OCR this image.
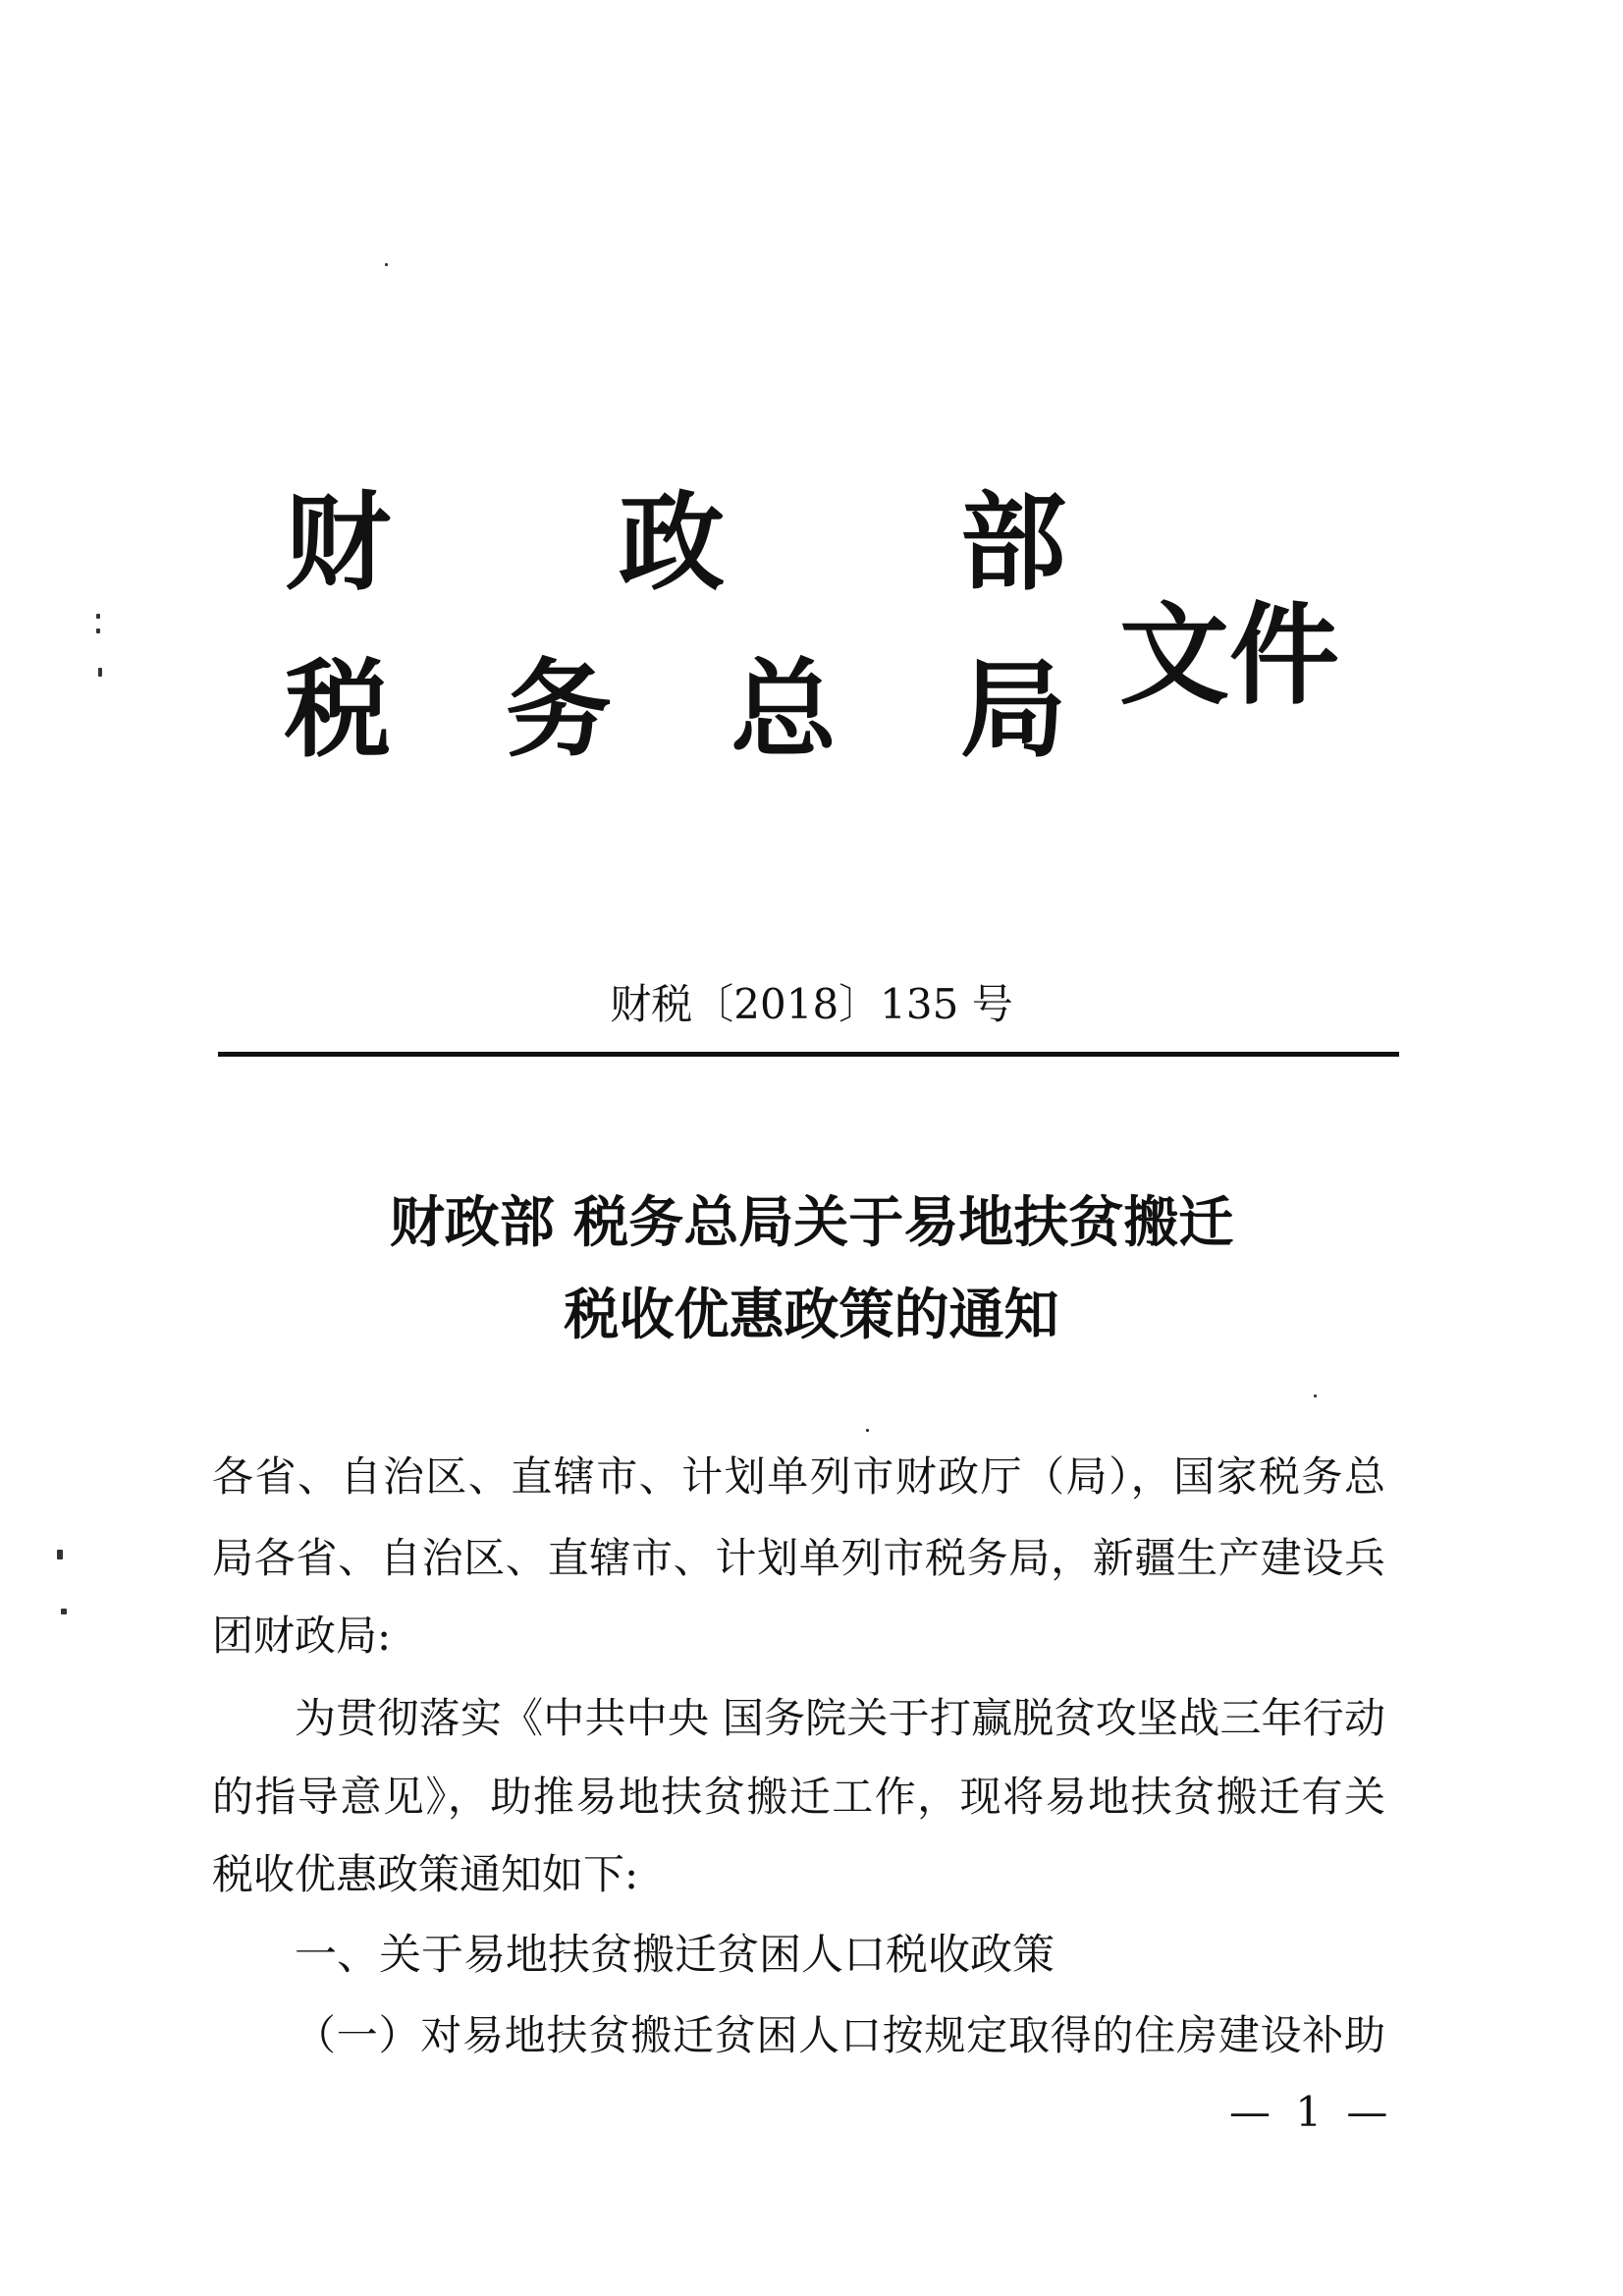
财 政 部
税 务 总 局 文件
财税〔2018〕135 号
财政部 税务总局关于易地扶贫搬迁
税收优惠政策的通知
各省、自治区、直辖市、计划单列市财政厅（局），国家税务总
局各省、自治区、直辖市、计划单列市税务局，新疆生产建设兵
团财政局:
为贯彻落实《中共中央 国务院关于打赢脱贫攻坚战三年行动
的指导意见》，助推易地扶贫搬迁工作，现将易地扶贫搬迁有关
税收优惠政策通知如下:
一、关于易地扶贫搬迁贫困人口税收政策
（一）对易地扶贫搬迁贫困人口按规定取得的住房建设补助
— 1 —
